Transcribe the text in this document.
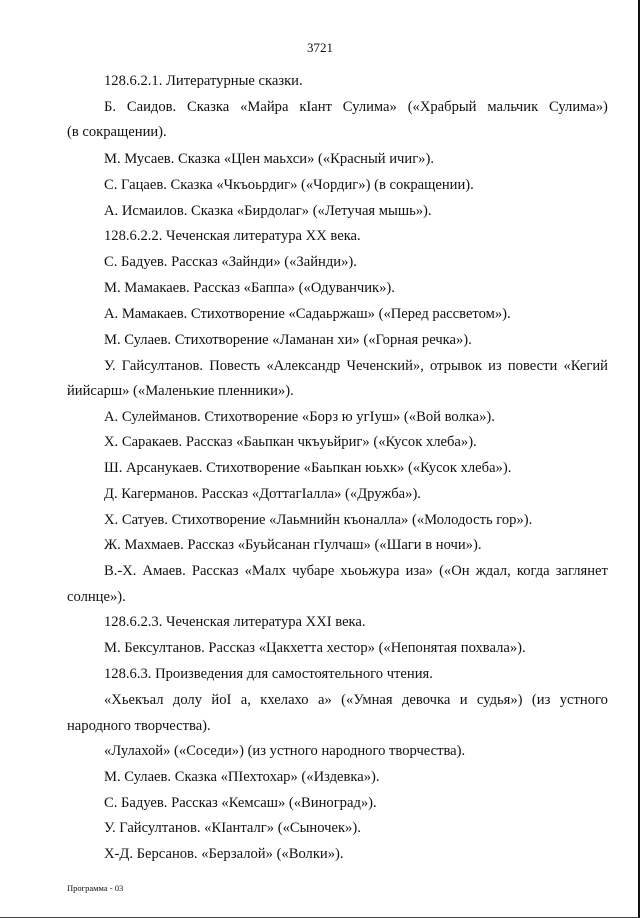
3721
128.6.2.1. Литературные сказки.
Б. Саидов. Сказка «Майра кIант Сулима» («Храбрый мальчик Сулима»)
(в сокращении).
М. Мусаев. Сказка «Цlен маьхси» («Красный ичиг»).
С. Гацаев. Сказка «Чкъоьрдиг» («Чордиг») (в сокращении).
А. Исмаилов. Сказка «Бирдолаг» («Летучая мышь»).
128.6.2.2. Чеченская литература XX века.
С. Бадуев. Рассказ «Зайнди» («Зайнди»).
М. Мамакаев. Рассказ «Баппа» («Одуванчик»).
А. Мамакаев. Стихотворение «Садаьржаш» («Перед рассветом»).
М. Сулаев. Стихотворение «Ламанан хи» («Горная речка»).
У. Гайсултанов. Повесть «Александр Чеченский», отрывок из повести «Кегий
йийсарш» («Маленькие пленники»).
А. Сулейманов. Стихотворение «Борз ю угIуш» («Вой волка»).
Х. Саракаев. Рассказ «Баьпкан чкъуьйриг» («Кусок хлеба»).
Ш. Арсанукаев. Стихотворение «Баьпкан юьхк» («Кусок хлеба»).
Д. Кагерманов. Рассказ «ДоттагIалла» («Дружба»).
Х. Сатуев. Стихотворение «Лаьмнийн къоналла» («Молодость гор»).
Ж. Махмаев. Рассказ «Буьйсанан гIулчаш» («Шаги в ночи»).
В.-Х. Амаев. Рассказ «Малх чубаре хьоьжура иза» («Он ждал, когда заглянет
солнце»).
128.6.2.3. Чеченская литература XXI века.
М. Бексултанов. Рассказ «Цакхетта хестор» («Непонятая похвала»).
128.6.3. Произведения для самостоятельного чтения.
«Хьекъал долу йоI а, кхелахо а» («Умная девочка и судья») (из устного
народного творчества).
«Лулахой» («Соседи») (из устного народного творчества).
М. Сулаев. Сказка «ПIехтохар» («Издевка»).
С. Бадуев. Рассказ «Кемсаш» («Виноград»).
У. Гайсултанов. «КIанталг» («Сыночек»).
Х-Д. Берсанов. «Берзалой» («Волки»).
Программа - 03
